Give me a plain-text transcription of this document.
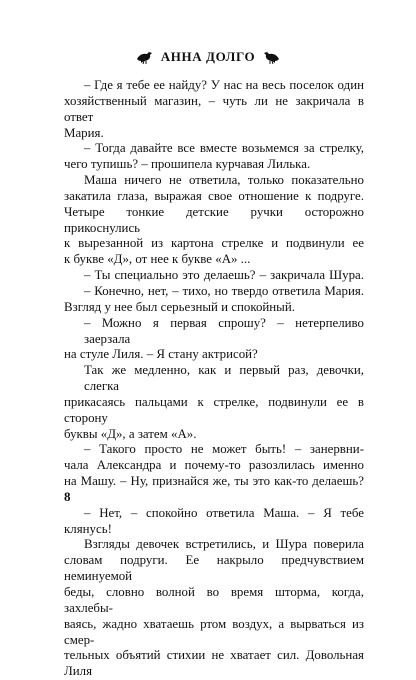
АННА ДОЛГО
– Где я тебе ее найду? У нас на весь поселок один
хозяйственный магазин, – чуть ли не закричала в ответ
Мария.
– Тогда давайте все вместе возьмемся за стрелку,
чего тупишь? – прошипела курчавая Лилька.
Маша ничего не ответила, только показательно
закатила глаза, выражая свое отношение к подруге.
Четыре тонкие детские ручки осторожно прикоснулись
к вырезанной из картона стрелке и подвинули ее
к букве «Д», от нее к букве «А» ...
– Ты специально это делаешь? – закричала Шура.
– Конечно, нет, – тихо, но твердо ответила Мария.
Взгляд у нее был серьезный и спокойный.
– Можно я первая спрошу? – нетерпеливо заерзала
на стуле Лиля. – Я стану актрисой?
Так же медленно, как и первый раз, девочки, слегка
прикасаясь пальцами к стрелке, подвинули ее в сторону
буквы «Д», а затем «А».
– Такого просто не может быть! – занервни-
чала Александра и почему-то разозлилась именно
на Машу. – Ну, признайся же, ты это как-то делаешь?

– Нет, – спокойно ответила Маша. – Я тебе
клянусь!
Взгляды девочек встретились, и Шура поверила
словам подруги. Ее накрыло предчувствием неминуемой
беды, словно волной во время шторма, когда, захлебы-
ваясь, жадно хватаешь ртом воздух, а вырваться из смер-
тельных объятий стихии не хватает сил. Довольная Лиля
8
